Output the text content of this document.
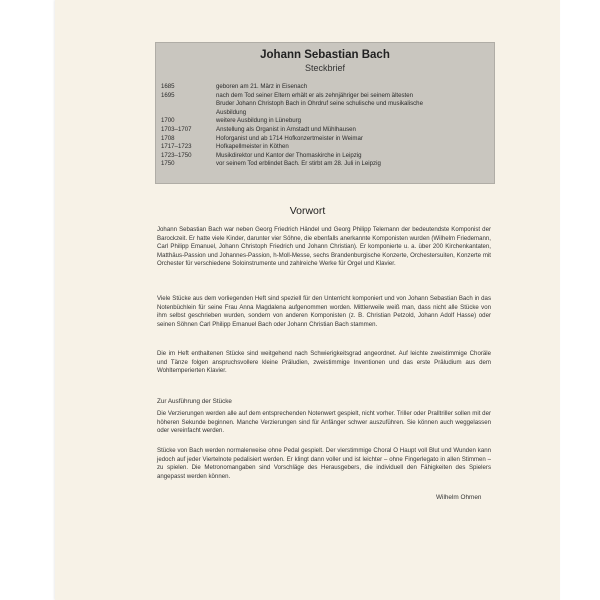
Johann Sebastian Bach
Steckbrief
1685	geboren am 21. März in Eisenach
1695	nach dem Tod seiner Eltern erhält er als zehnjähriger bei seinem ältesten
Bruder Johann Christoph Bach in Ohrdruf seine schulische und musikalische
Ausbildung
1700	weitere Ausbildung in Lüneburg
1703–1707	Anstellung als Organist in Arnstadt und Mühlhausen
1708	Hoforganist und ab 1714 Hofkonzertmeister in Weimar
1717–1723	Hofkapellmeister in Köthen
1723–1750	Musikdirektor und Kantor der Thomaskirche in Leipzig
1750	vor seinem Tod erblindet Bach. Er stirbt am 28. Juli in Leipzig
Vorwort

Johann Sebastian Bach war neben Georg Friedrich Händel und Georg Philipp Telemann der bedeutendste Komponist der Barockzeit. Er hatte viele Kinder, darunter vier Söhne, die ebenfalls anerkannte Komponisten wurden (Wilhelm Friedemann, Carl Philipp Emanuel, Johann Christoph Friedrich und Johann Christian). Er komponierte u. a. über 200 Kirchenkantaten, Matthäus-Passion und Johannes-Passion, h-Moll-Messe, sechs Brandenburgische Konzerte, Orchestersuiten, Konzerte mit Orchester für verschiedene Soloinstrumente und zahlreiche Werke für Orgel und Klavier.

Viele Stücke aus dem vorliegenden Heft sind speziell für den Unterricht komponiert und von Johann Sebastian Bach in das Notenbüchlein für seine Frau Anna Magdalena aufgenommen worden. Mittlerweile weiß man, dass nicht alle Stücke von ihm selbst geschrieben wurden, sondern von anderen Komponisten (z. B. Christian Petzold, Johann Adolf Hasse) oder seinen Söhnen Carl Philipp Emanuel Bach oder Johann Christian Bach stammen.

Die im Heft enthaltenen Stücke sind weitgehend nach Schwierigkeitsgrad angeordnet. Auf leichte zweistimmige Choräle und Tänze folgen anspruchsvollere kleine Präludien, zweistimmige Inventionen und das erste Präludium aus dem Wohltemperierten Klavier.

Zur Ausführung der Stücke

Die Verzierungen werden alle auf dem entsprechenden Notenwert gespielt, nicht vorher. Triller oder Pralltriller sollen mit der höheren Sekunde beginnen. Manche Verzierungen sind für Anfänger schwer auszuführen. Sie können auch weggelassen oder vereinfacht werden.

Stücke von Bach werden normalerweise ohne Pedal gespielt. Der vierstimmige Choral O Haupt voll Blut und Wunden kann jedoch auf jeder Viertelnote pedalisiert werden. Er klingt dann voller und ist leichter – ohne Fingerlegato in allen Stimmen – zu spielen. Die Metronomangaben sind Vorschläge des Herausgebers, die individuell den Fähigkeiten des Spielers angepasst werden können.

Wilhelm Ohmen
